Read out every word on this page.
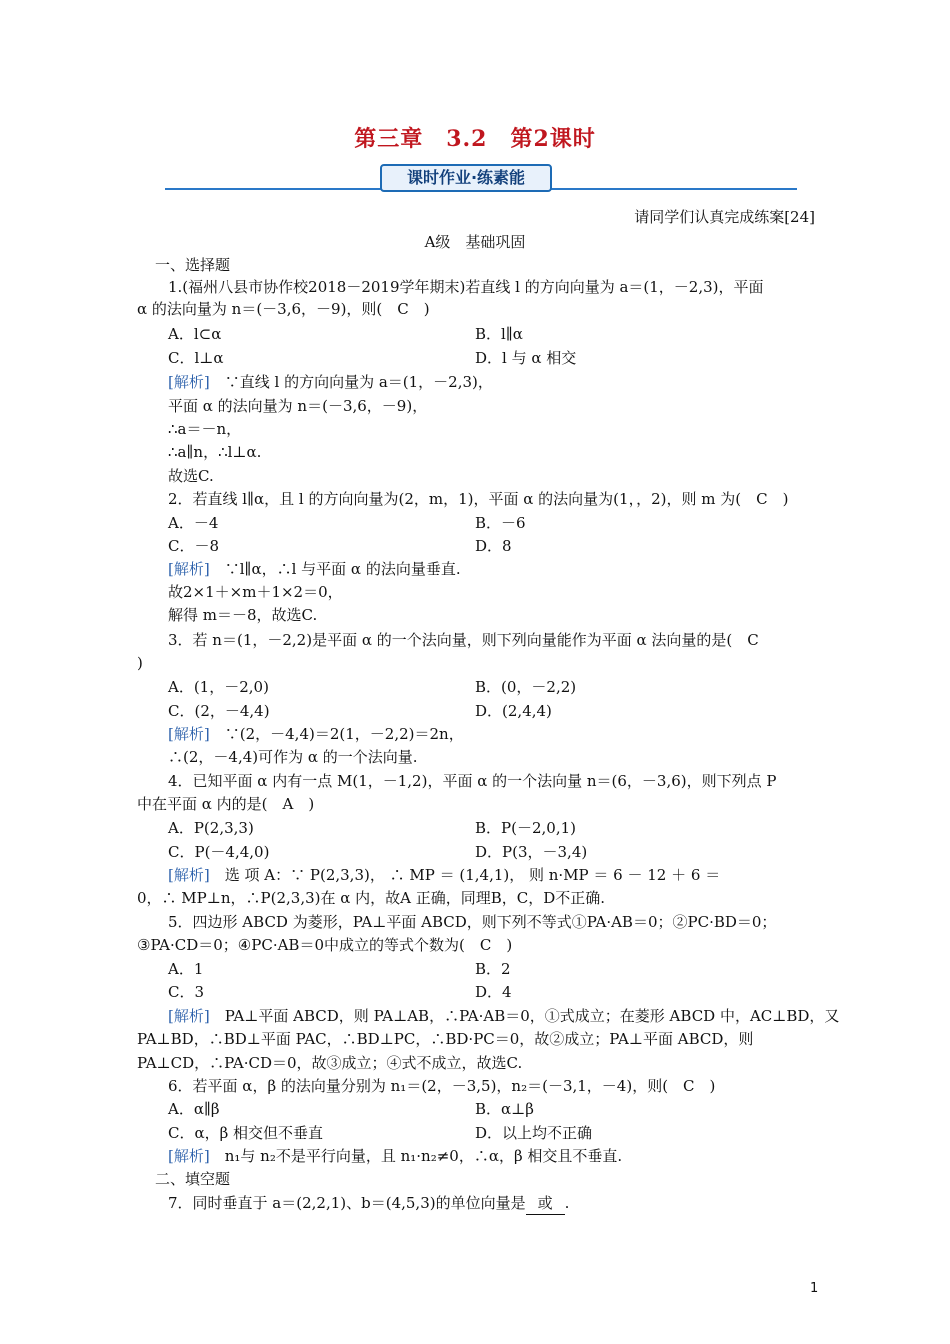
第三章　3.2　第2课时
课时作业·练素能
请同学们认真完成练案[24]
A级　基础巩固
一、选择题
1.(福州八县市协作校2018－2019学年期末)若直线 l 的方向向量为 a＝(1，－2,3)，平面
α 的法向量为 n＝(－3,6，－9)，则(　C　)
A．l⊂α	B．l∥α
C．l⊥α	D．l 与 α 相交
[解析]　 ∵直线 l 的方向向量为 a＝(1，－2,3)，
平面 α 的法向量为 n＝(－3,6，－9)，
∴a＝－n，
∴a∥n，∴l⊥α.
故选C.
2．若直线 l∥α，且 l 的方向向量为(2，m，1)，平面 α 的法向量为(1，，2)，则 m 为(　C　)
A．－4	B．－6
C．－8	D．8
[解析]　 ∵l∥α，∴l 与平面 α 的法向量垂直.
故2×1＋×m＋1×2＝0，
解得 m＝－8，故选C.
3．若 n＝(1，－2,2)是平面 α 的一个法向量，则下列向量能作为平面 α 法向量的是(　C
)
A．(1，－2,0)	B．(0，－2,2)
C．(2，－4,4)	D．(2,4,4)
[解析]　 ∵(2，－4,4)＝2(1，－2,2)＝2n，
∴(2，－4,4)可作为 α 的一个法向量.
4．已知平面 α 内有一点 M(1，－1,2)，平面 α 的一个法向量 n＝(6，－3,6)，则下列点 P
中在平面 α 内的是(　A　)
A．P(2,3,3)	B．P(－2,0,1)
C．P(－4,4,0)	D．P(3，－3,4)
[解析]　 选 项 A：∵ P(2,3,3)， ∴ MP ＝ (1,4,1)， 则 n·MP ＝ 6 － 12 ＋ 6 ＝
0，∴ MP⊥n，∴P(2,3,3)在 α 内，故A 正确，同理B，C，D不正确.
5．四边形 ABCD 为菱形，PA⊥平面 ABCD，则下列不等式①PA·AB＝0；②PC·BD＝0；
③PA·CD＝0；④PC·AB＝0中成立的等式个数为(　C　)
A．1	B．2
C．3	D．4
[解析]　 PA⊥平面 ABCD，则 PA⊥AB，∴PA·AB＝0，①式成立；在菱形 ABCD 中，AC⊥BD，又
PA⊥BD，∴BD⊥平面 PAC，∴BD⊥PC，∴BD·PC＝0，故②成立；PA⊥平面 ABCD，则
PA⊥CD，∴PA·CD＝0，故③成立；④式不成立，故选C.
6．若平面 α，β 的法向量分别为 n₁＝(2，－3,5)，n₂＝(－3,1，－4)，则(　C　)
A．α∥β	B．α⊥β
C．α，β 相交但不垂直	D．以上均不正确
[解析]　 n₁与 n₂不是平行向量，且 n₁·n₂≠0，∴α，β 相交且不垂直.
二、填空题
7．同时垂直于 a＝(2,2,1)、b＝(4,5,3)的单位向量是 或 .
1
